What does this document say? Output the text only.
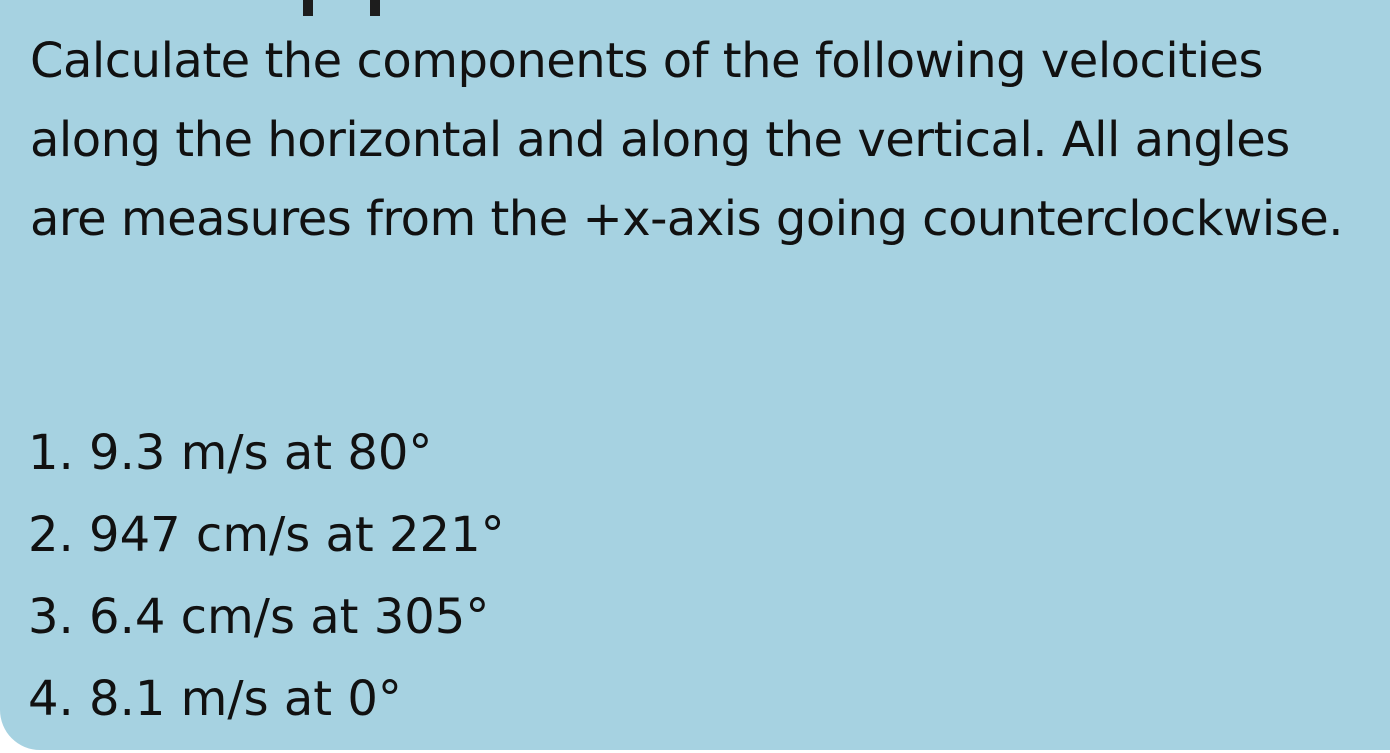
Calculate the components of the following velocities along the horizontal and along the vertical. All angles are measures from the +x-axis going counterclockwise.

1. 9.3 m/s at 80°
2. 947 cm/s at 221°
3. 6.4 cm/s at 305°
4. 8.1 m/s at 0°
